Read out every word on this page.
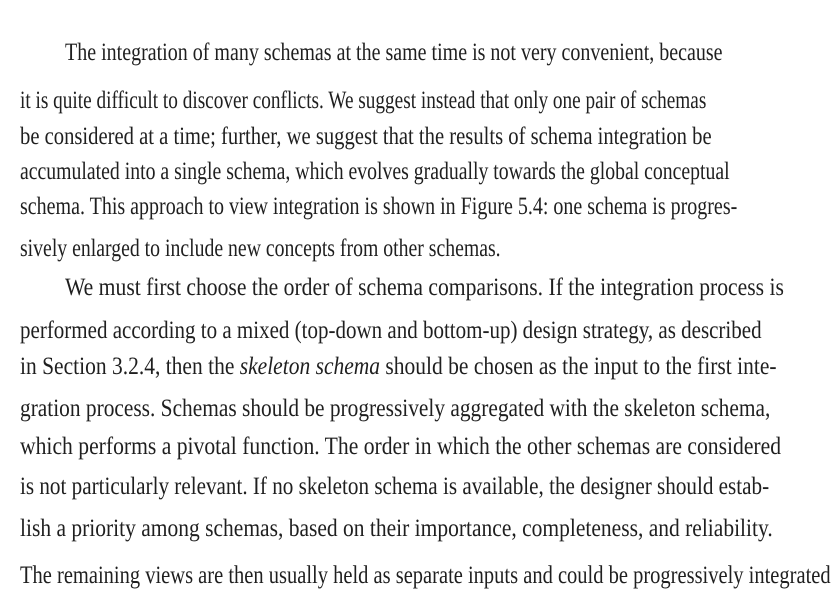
The integration of many schemas at the same time is not very convenient, because
it is quite difficult to discover conflicts. We suggest instead that only one pair of schemas
be considered at a time; further, we suggest that the results of schema integration be
accumulated into a single schema, which evolves gradually towards the global conceptual
schema. This approach to view integration is shown in Figure 5.4: one schema is progres-
sively enlarged to include new concepts from other schemas.
We must first choose the order of schema comparisons. If the integration process is
performed according to a mixed (top-down and bottom-up) design strategy, as described
in Section 3.2.4, then the skeleton schema should be chosen as the input to the first inte-
gration process. Schemas should be progressively aggregated with the skeleton schema,
which performs a pivotal function. The order in which the other schemas are considered
is not particularly relevant. If no skeleton schema is available, the designer should estab-
lish a priority among schemas, based on their importance, completeness, and reliability.
The remaining views are then usually held as separate inputs and could be progressively integrated
